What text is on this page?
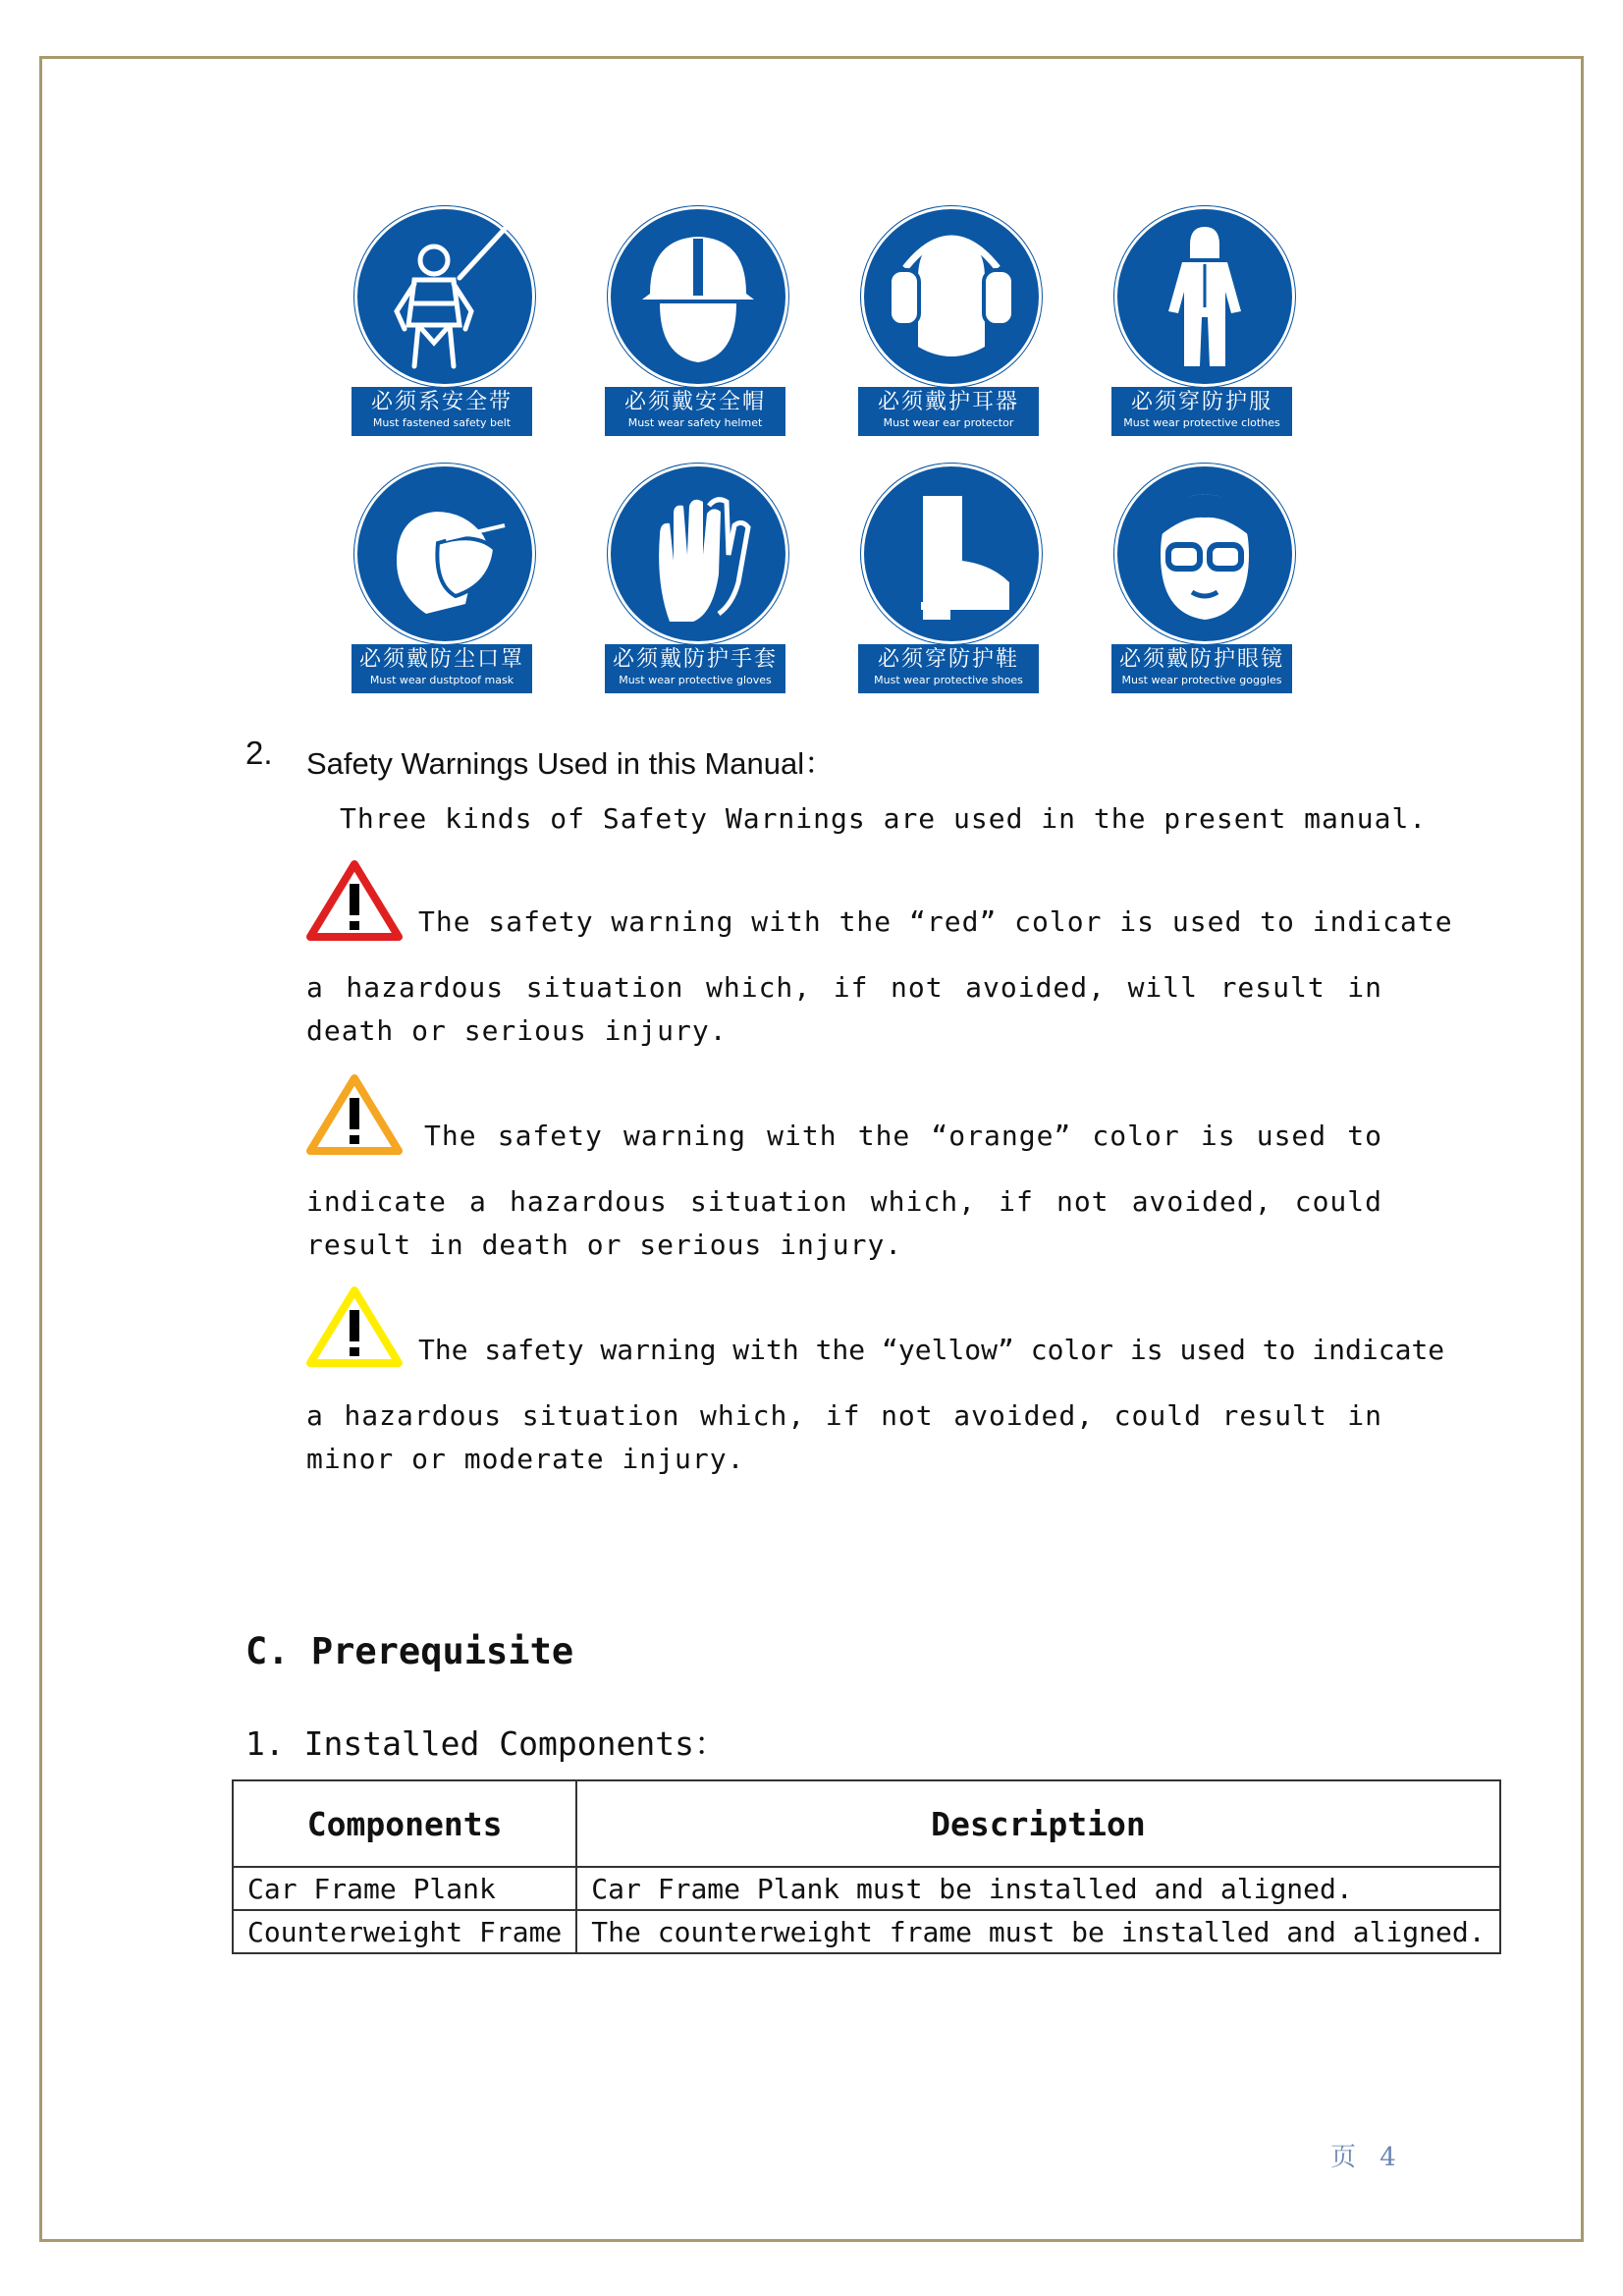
必须系安全带
Must fastened safety belt
必须戴安全帽
Must wear safety helmet
必须戴护耳器
Must wear ear protector
必须穿防护服
Must wear protective clothes
必须戴防尘口罩
Must wear dustptoof mask
必须戴防护手套
Must wear protective gloves
必须穿防护鞋
Must wear protective shoes
必须戴防护眼镜
Must wear protective goggles
2. Safety Warnings Used in this Manual：
Three kinds of Safety Warnings are used in the present manual.
The safety warning with the “red” color is used to indicate
a hazardous situation which, if not avoided, will result in death or serious injury.
The safety warning with the “orange” color is used to
indicate a hazardous situation which, if not avoided, could result in death or serious injury.
The safety warning with the “yellow” color is used to indicate
a hazardous situation which, if not avoided, could result in minor or moderate injury.
C. Prerequisite
1. Installed Components：
Components	Description
Car Frame Plank	Car Frame Plank must be installed and aligned.
Counterweight Frame	The counterweight frame must be installed and aligned.
页 4
